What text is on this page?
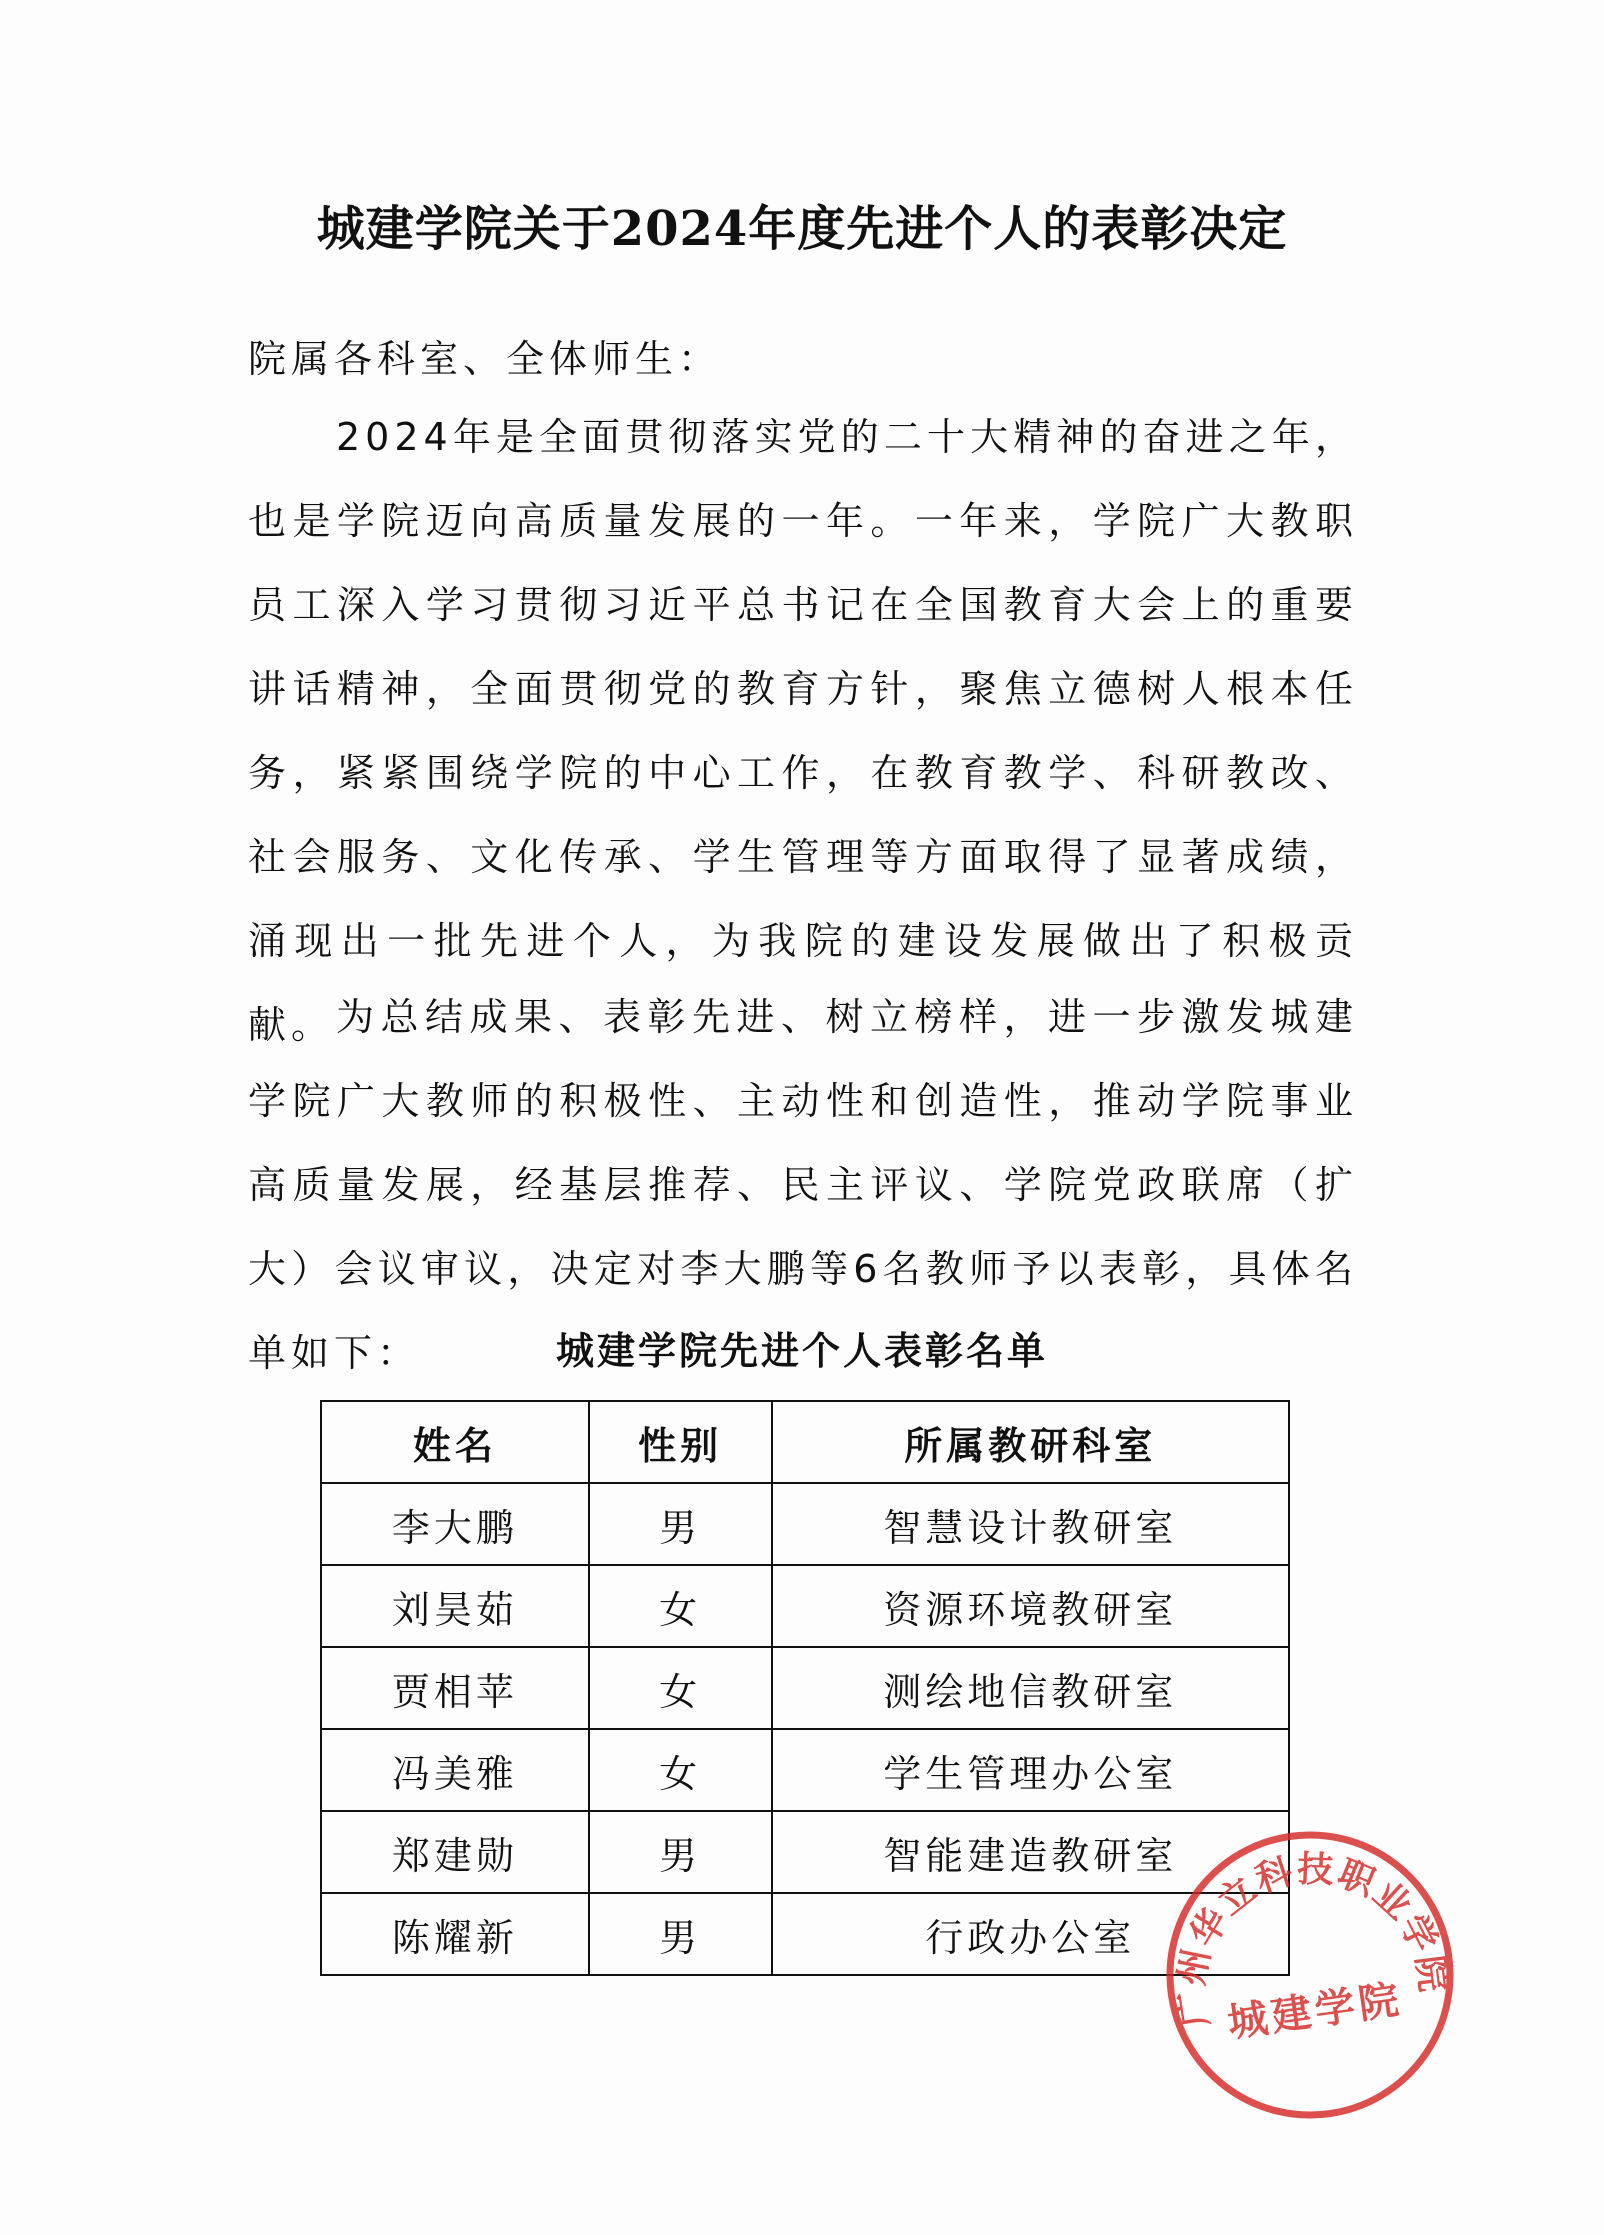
城建学院关于2024年度先进个人的表彰决定
院属各科室、全体师生：
2024年是全面贯彻落实党的二十大精神的奋进之年，也是学院迈向高质量发展的一年。一年来，学院广大教职员工深入学习贯彻习近平总书记在全国教育大会上的重要讲话精神，全面贯彻党的教育方针，聚焦立德树人根本任务，紧紧围绕学院的中心工作，在教育教学、科研教改、社会服务、文化传承、学生管理等方面取得了显著成绩，涌现出一批先进个人，为我院的建设发展做出了积极贡献。 为总结成果、表彰先进、树立榜样，进一步激发城建学院广大教师的积极性、主动性和创造性，推动学院事业高质量发展，经基层推荐、民主评议、学院党政联席（扩大）会议审议，决定对李大鹏等6名教师予以表彰，具体名单如下：	城建学院先进个人表彰名单
姓名	性别	所属教研科室
李大鹏	男	智慧设计教研室
刘昊茹	女	资源环境教研室
贾相苹	女	测绘地信教研室
冯美雅	女	学生管理办公室
郑建勋	男	智能建造教研室
陈耀新	男	行政办公室
广州华立科技职业学院
城建学院
